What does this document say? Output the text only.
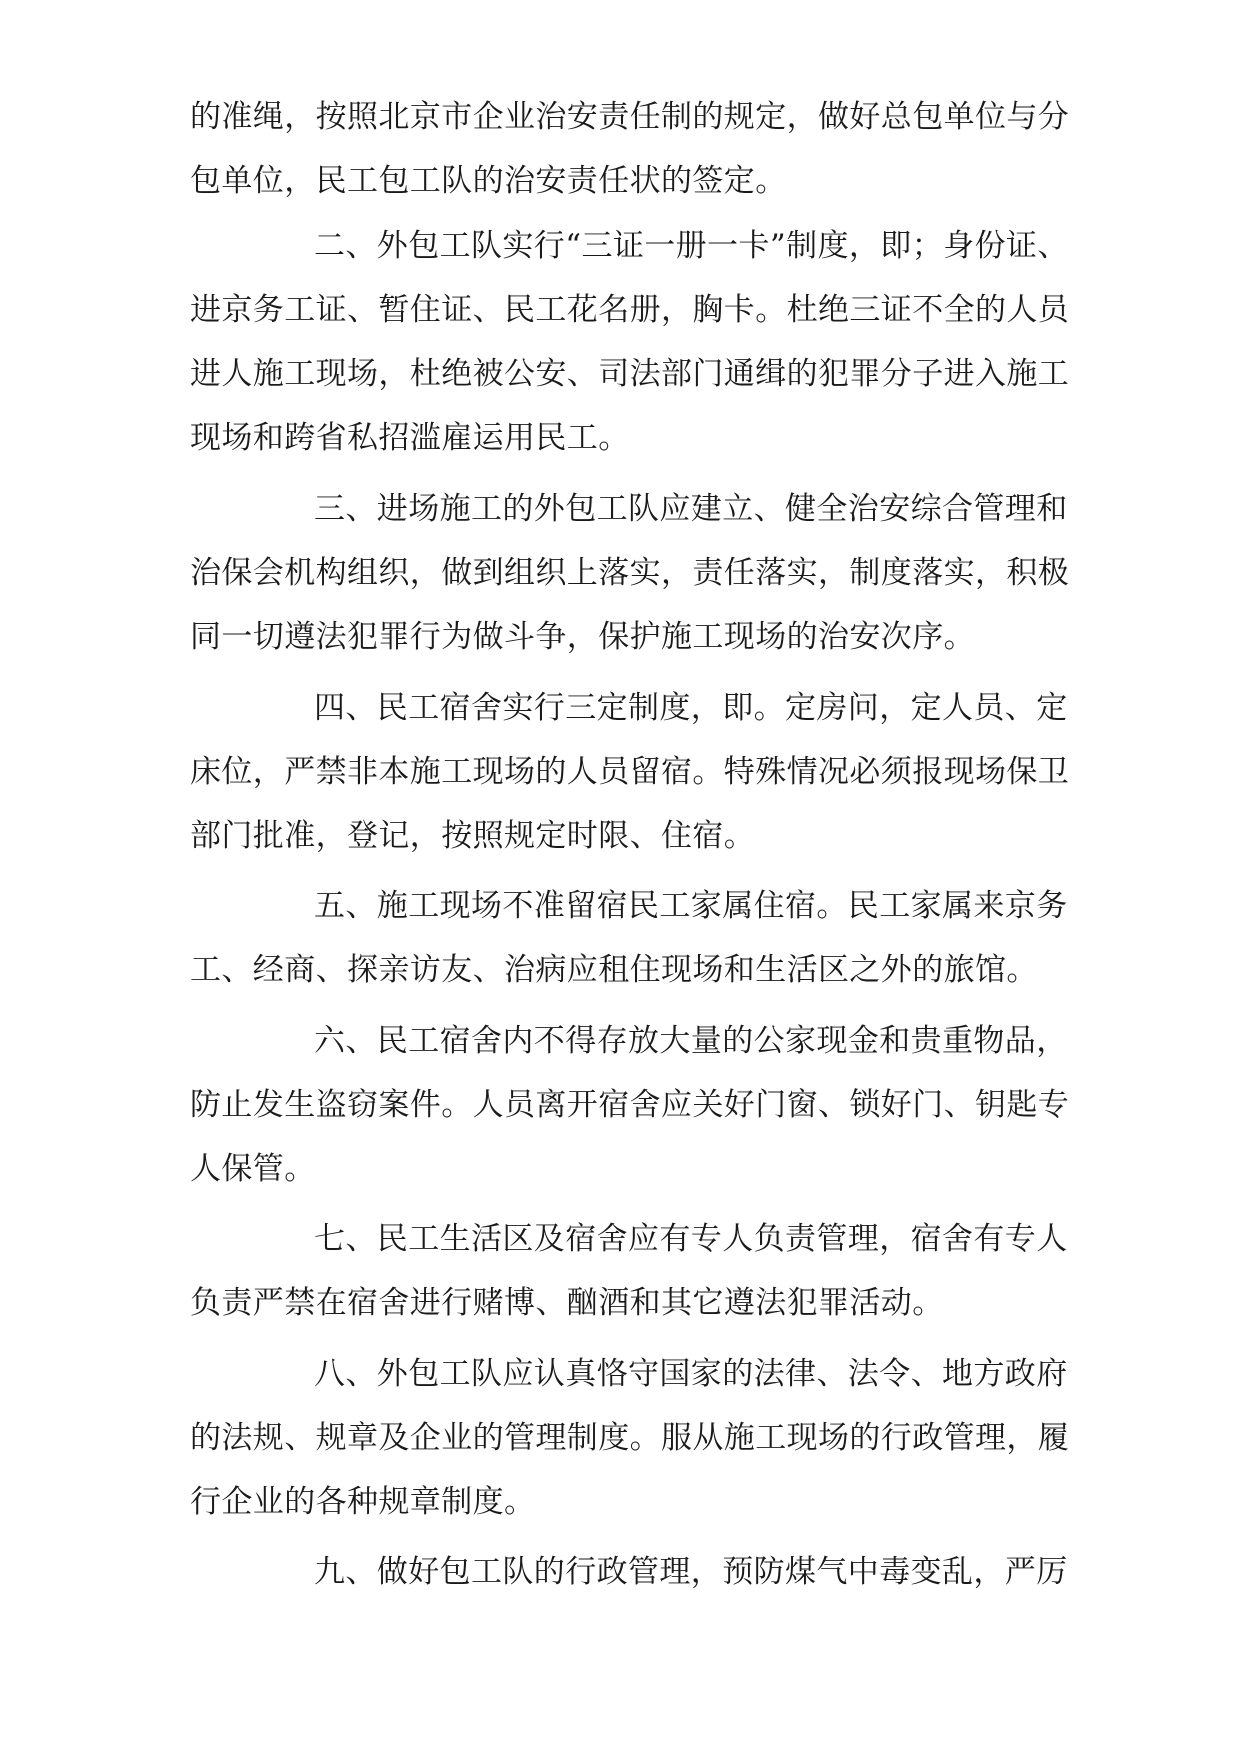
的准绳，按照北京市企业治安责任制的规定，做好总包单位与分
包单位，民工包工队的治安责任状的签定。
二、外包工队实行“三证一册一卡”制度，即；身份证、
进京务工证、暂住证、民工花名册，胸卡。杜绝三证不全的人员
进人施工现场，杜绝被公安、司法部门通缉的犯罪分子进入施工
现场和跨省私招滥雇运用民工。
三、进场施工的外包工队应建立、健全治安综合管理和
治保会机构组织，做到组织上落实，责任落实，制度落实，积极
同一切遵法犯罪行为做斗争，保护施工现场的治安次序。
四、民工宿舍实行三定制度，即。定房问，定人员、定
床位，严禁非本施工现场的人员留宿。特殊情况必须报现场保卫
部门批准，登记，按照规定时限、住宿。
五、施工现场不准留宿民工家属住宿。民工家属来京务
工、经商、探亲访友、治病应租住现场和生活区之外的旅馆。
六、民工宿舍内不得存放大量的公家现金和贵重物品，
防止发生盗窃案件。人员离开宿舍应关好门窗、锁好门、钥匙专
人保管。
七、民工生活区及宿舍应有专人负责管理，宿舍有专人
负责严禁在宿舍进行赌博、酗酒和其它遵法犯罪活动。
八、外包工队应认真恪守国家的法律、法令、地方政府
的法规、规章及企业的管理制度。服从施工现场的行政管理，履
行企业的各种规章制度。
九、做好包工队的行政管理，预防煤气中毒变乱，严厉
